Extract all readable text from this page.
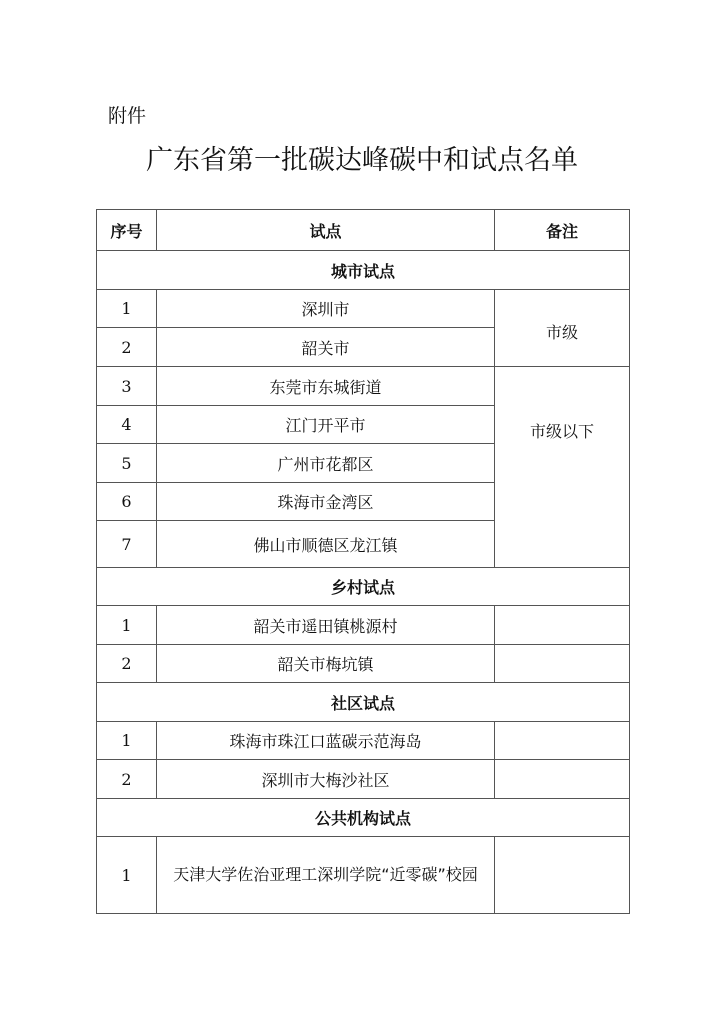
附件
广东省第一批碳达峰碳中和试点名单
序号	试点	备注
城市试点		
1	深圳市	市级
2	韶关市	
3	东莞市东城街道	市级以下
4	江门开平市	
5	广州市花都区	
6	珠海市金湾区	
7	佛山市顺德区龙江镇	
乡村试点		
1	韶关市遥田镇桃源村	
2	韶关市梅坑镇	
社区试点		
1	珠海市珠江口蓝碳示范海岛	
2	深圳市大梅沙社区	
公共机构试点		
1	天津大学佐治亚理工深圳学院“近零碳”校园	
